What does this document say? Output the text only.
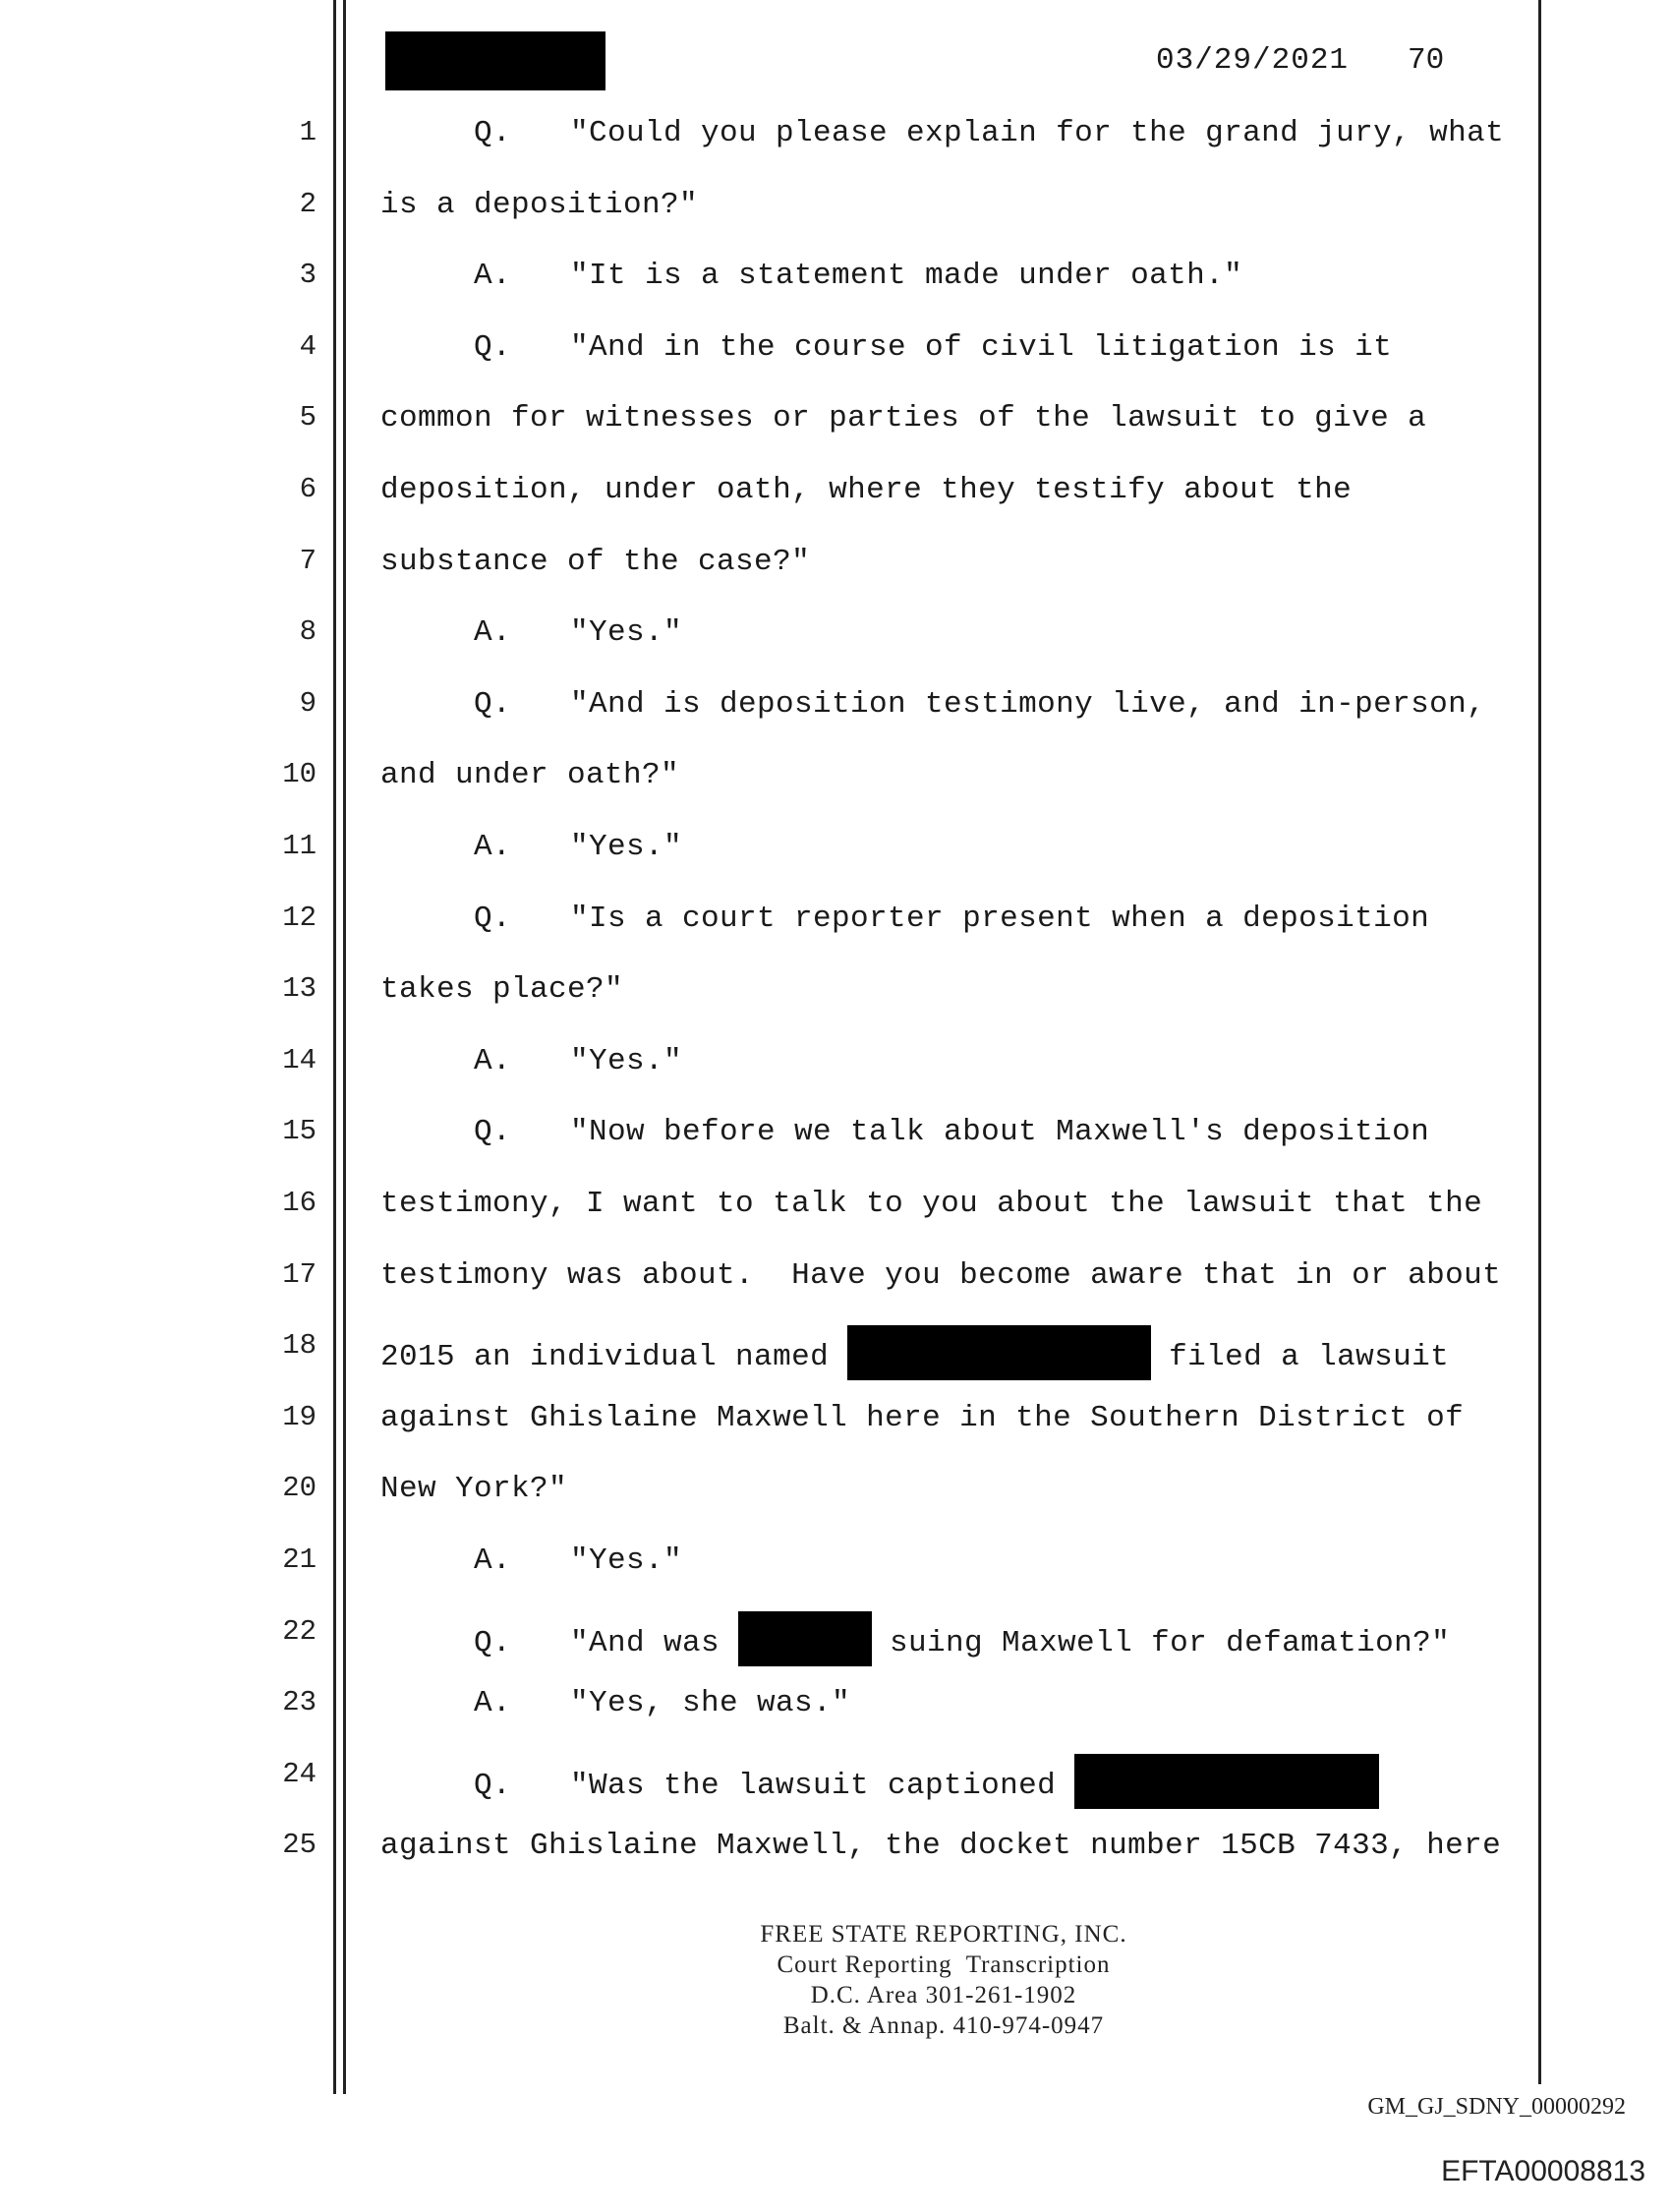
03/29/2021 70
1	Q. "Could you please explain for the grand jury, what
2 is a deposition?"
3	A. "It is a statement made under oath."
4	Q. "And in the course of civil litigation is it
5 common for witnesses or parties of the lawsuit to give a
6 deposition, under oath, where they testify about the
7 substance of the case?"
8	A. "Yes."
9	Q. "And is deposition testimony live, and in-person,
10 and under oath?"
11	A. "Yes."
12	Q. "Is a court reporter present when a deposition
13 takes place?"
14	A. "Yes."
15	Q. "Now before we talk about Maxwell's deposition
16 testimony, I want to talk to you about the lawsuit that the
17 testimony was about.  Have you become aware that in or about
18 2015 an individual named	filed a lawsuit
19 against Ghislaine Maxwell here in the Southern District of
20 New York?"
21	A. "Yes."
22	Q. "And was	suing Maxwell for defamation?"
23	A. "Yes, she was."
24	Q. "Was the lawsuit captioned
25 against Ghislaine Maxwell, the docket number 15CB 7433, here
FREE STATE REPORTING, INC.
Court Reporting  Transcription
D.C. Area 301-261-1902
Balt. & Annap. 410-974-0947
GM_GJ_SDNY_00000292
EFTA00008813
